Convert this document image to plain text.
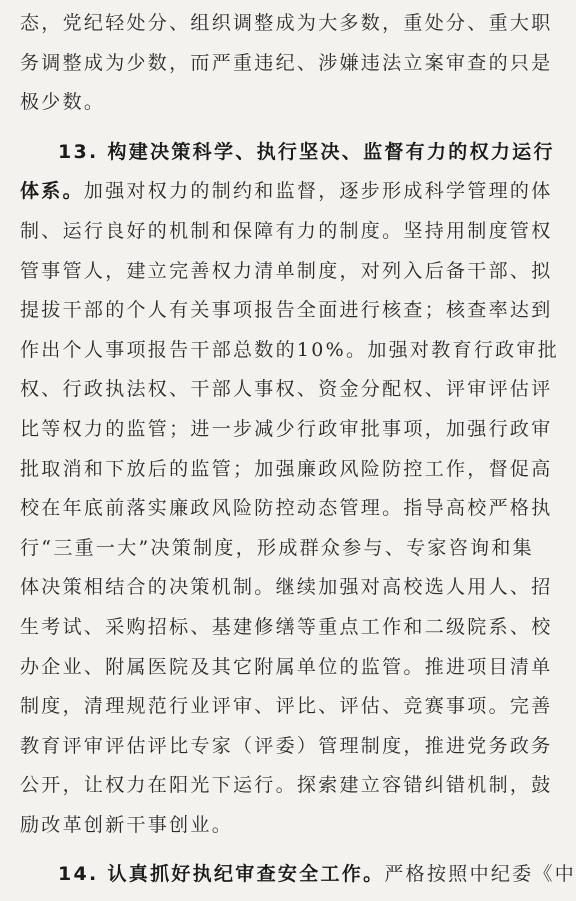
态，党纪轻处分、组织调整成为大多数，重处分、重大职
务调整成为少数，而严重违纪、涉嫌违法立案审查的只是
极少数。
13. 构建决策科学、执行坚决、监督有力的权力运行
体系。加强对权力的制约和监督，逐步形成科学管理的体
制、运行良好的机制和保障有力的制度。坚持用制度管权
管事管人，建立完善权力清单制度，对列入后备干部、拟
提拔干部的个人有关事项报告全面进行核查；核查率达到
作出个人事项报告干部总数的10%。加强对教育行政审批
权、行政执法权、干部人事权、资金分配权、评审评估评
比等权力的监管；进一步减少行政审批事项，加强行政审
批取消和下放后的监管；加强廉政风险防控工作，督促高
校在年底前落实廉政风险防控动态管理。指导高校严格执
行“三重一大”决策制度，形成群众参与、专家咨询和集
体决策相结合的决策机制。继续加强对高校选人用人、招
生考试、采购招标、基建修缮等重点工作和二级院系、校
办企业、附属医院及其它附属单位的监管。推进项目清单
制度，清理规范行业评审、评比、评估、竞赛事项。完善
教育评审评估评比专家（评委）管理制度，推进党务政务
公开，让权力在阳光下运行。探索建立容错纠错机制，鼓
励改革创新干事创业。
14. 认真抓好执纪审查安全工作。严格按照中纪委《中
